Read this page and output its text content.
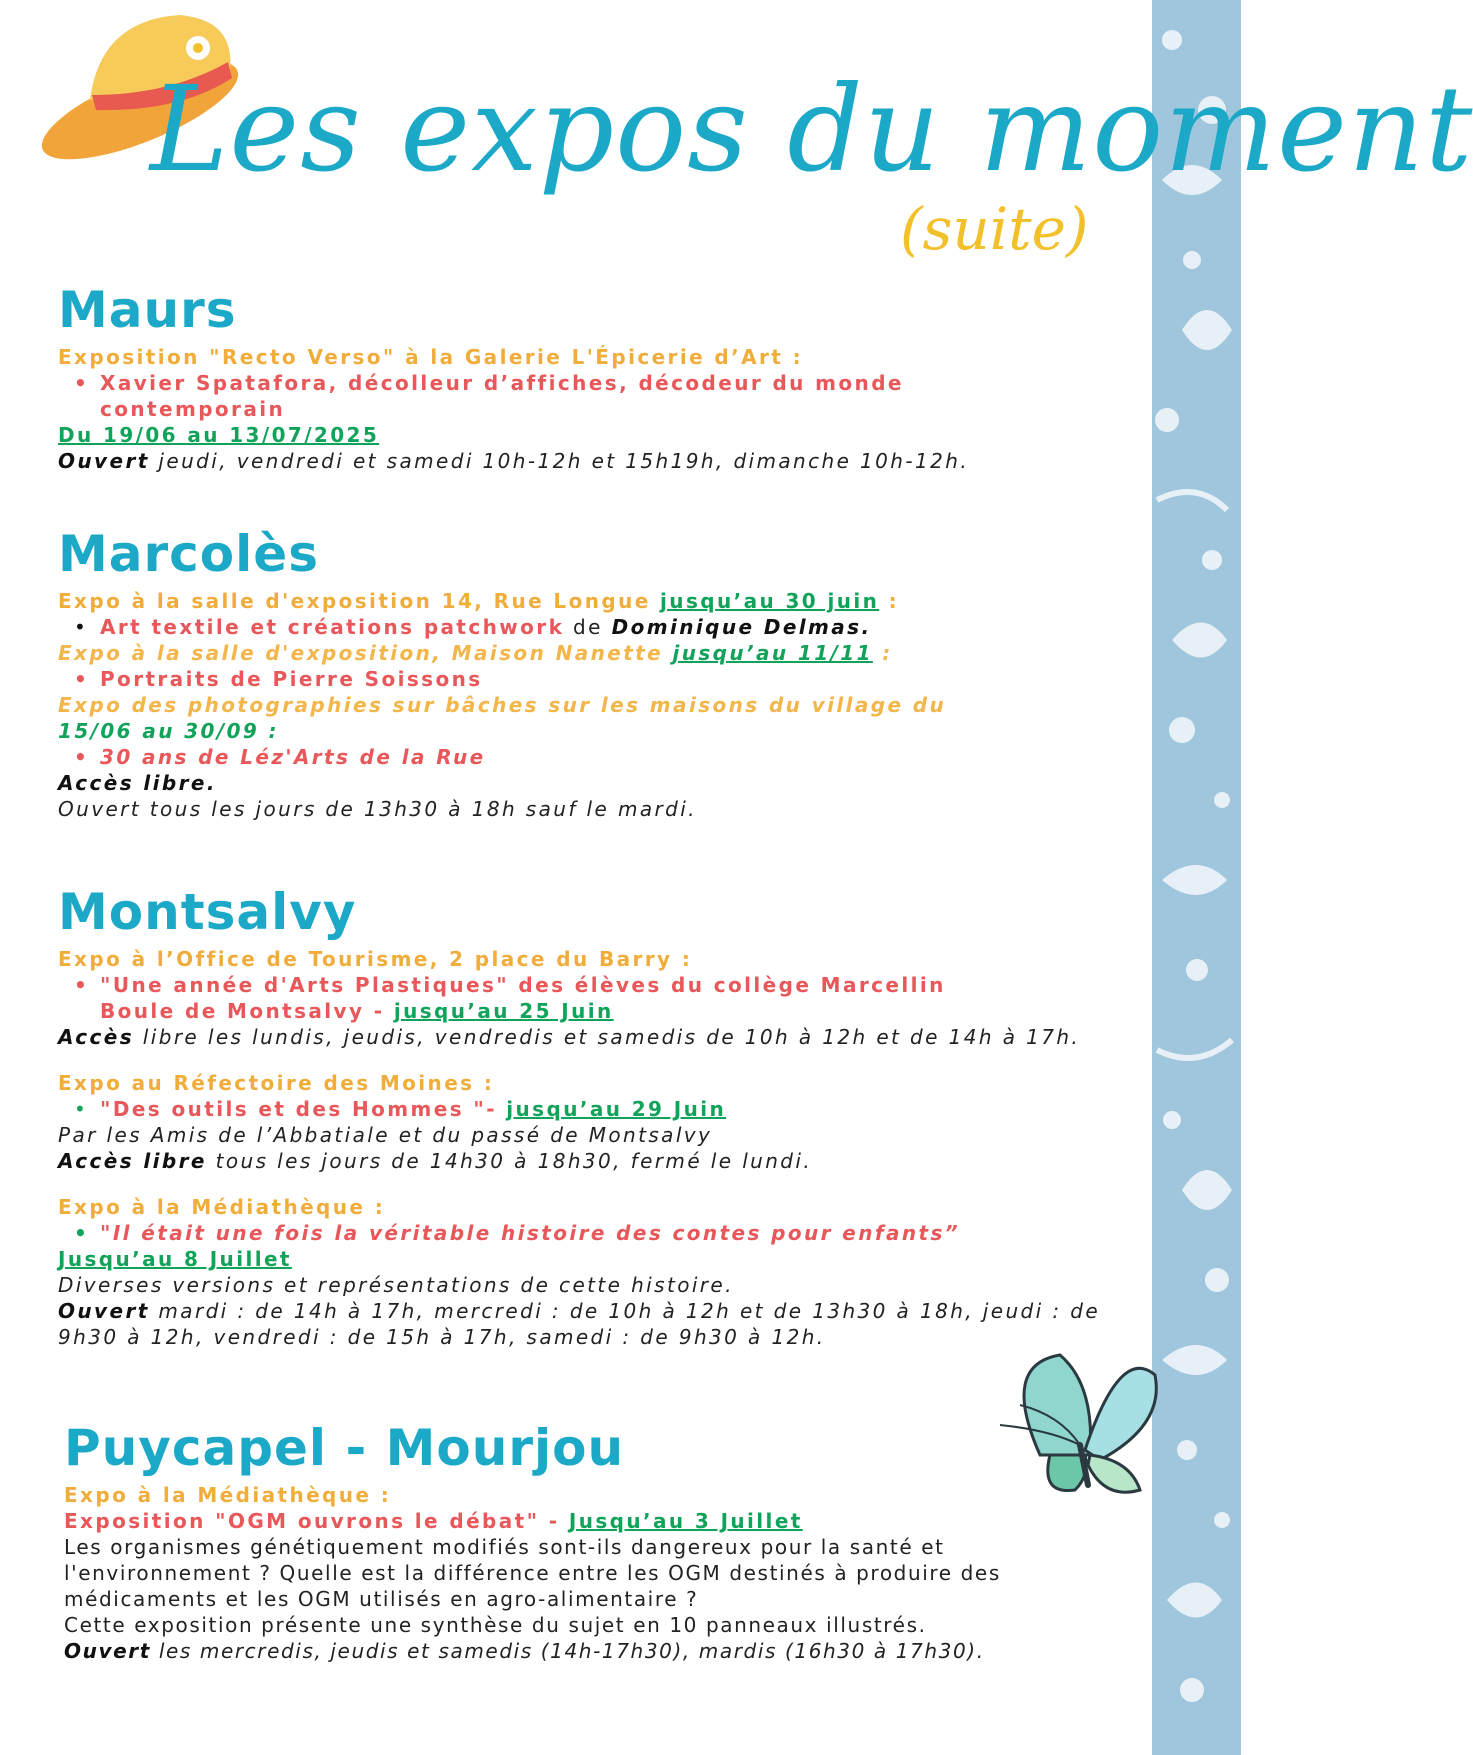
Les expos du moment
(suite)
Maurs

Exposition "Recto Verso" à la Galerie L'Épicerie d’Art :

• Xavier Spatafora, décolleur d’affiches, décodeur du monde
contemporain

Du 19/06 au 13/07/2025

Ouvert jeudi, vendredi et samedi 10h-12h et 15h19h, dimanche 10h-12h.

Marcolès

Expo à la salle d'exposition 14, Rue Longue jusqu’au 30 juin :

• Art textile et créations patchwork de Dominique Delmas.

Expo à la salle d'exposition, Maison Nanette jusqu’au 11/11 :

• Portraits de Pierre Soissons

Expo des photographies sur bâches sur les maisons du village du

15/06 au 30/09 :

• 30 ans de Léz'Arts de la Rue

Accès libre.

Ouvert tous les jours de 13h30 à 18h sauf le mardi.

Montsalvy

Expo à l’Office de Tourisme, 2 place du Barry :

• "Une année d'Arts Plastiques" des élèves du collège Marcellin
Boule de Montsalvy - jusqu’au 25 Juin

Accès libre les lundis, jeudis, vendredis et samedis de 10h à 12h et de 14h à 17h.

Expo au Réfectoire des Moines :

• "Des outils et des Hommes "- jusqu’au 29 Juin

Par les Amis de l’Abbatiale et du passé de Montsalvy

Accès libre tous les jours de 14h30 à 18h30, fermé le lundi.

Expo à la Médiathèque :

• "Il était une fois la véritable histoire des contes pour enfants”

Jusqu’au 8 Juillet

Diverses versions et représentations de cette histoire.

Ouvert mardi : de 14h à 17h, mercredi : de 10h à 12h et de 13h30 à 18h, jeudi : de
9h30 à 12h, vendredi : de 15h à 17h, samedi : de 9h30 à 12h.

Puycapel - Mourjou

Expo à la Médiathèque :

Exposition "OGM ouvrons le débat" - Jusqu’au 3 Juillet

Les organismes génétiquement modifiés sont-ils dangereux pour la santé et

l'environnement ? Quelle est la différence entre les OGM destinés à produire des

médicaments et les OGM utilisés en agro-alimentaire ?

Cette exposition présente une synthèse du sujet en 10 panneaux illustrés.

Ouvert les mercredis, jeudis et samedis (14h-17h30), mardis (16h30 à 17h30).
